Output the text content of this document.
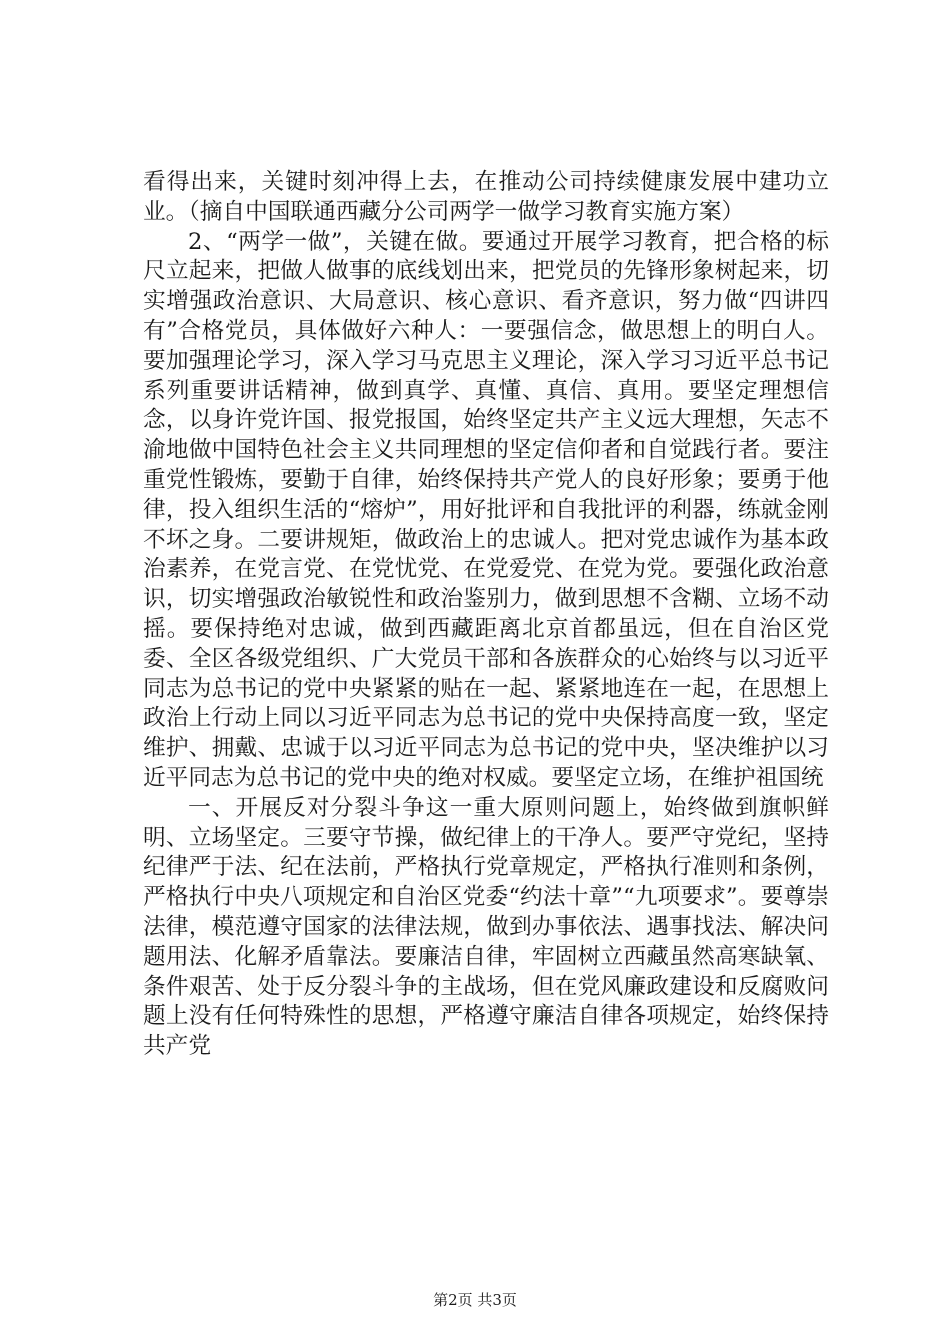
看得出来，关键时刻冲得上去，在推动公司持续健康发展中建功立业。（摘自中国联通西藏分公司两学一做学习教育实施方案）

2、“两学一做”，关键在做。要通过开展学习教育，把合格的标尺立起来，把做人做事的底线划出来，把党员的先锋形象树起来，切实增强政治意识、大局意识、核心意识、看齐意识，努力做“四讲四有”合格党员，具体做好六种人：一要强信念，做思想上的明白人。要加强理论学习，深入学习马克思主义理论，深入学习习近平总书记系列重要讲话精神，做到真学、真懂、真信、真用。要坚定理想信念，以身许党许国、报党报国，始终坚定共产主义远大理想，矢志不渝地做中国特色社会主义共同理想的坚定信仰者和自觉践行者。要注重党性锻炼，要勤于自律，始终保持共产党人的良好形象；要勇于他律，投入组织生活的“熔炉”，用好批评和自我批评的利器，练就金刚不坏之身。二要讲规矩，做政治上的忠诚人。把对党忠诚作为基本政治素养，在党言党、在党忧党、在党爱党、在党为党。要强化政治意识，切实增强政治敏锐性和政治鉴别力，做到思想不含糊、立场不动摇。要保持绝对忠诚，做到西藏距离北京首都虽远，但在自治区党委、全区各级党组织、广大党员干部和各族群众的心始终与以习近平同志为总书记的党中央紧紧的贴在一起、紧紧地连在一起，在思想上政治上行动上同以习近平同志为总书记的党中央保持高度一致，坚定维护、拥戴、忠诚于以习近平同志为总书记的党中央，坚决维护以习近平同志为总书记的党中央的绝对权威。要坚定立场，在维护祖国统

一、开展反对分裂斗争这一重大原则问题上，始终做到旗帜鲜明、立场坚定。三要守节操，做纪律上的干净人。要严守党纪，坚持纪律严于法、纪在法前，严格执行党章规定，严格执行准则和条例，严格执行中央八项规定和自治区党委“约法十章”“九项要求”。要尊崇法律，模范遵守国家的法律法规，做到办事依法、遇事找法、解决问题用法、化解矛盾靠法。要廉洁自律，牢固树立西藏虽然高寒缺氧、条件艰苦、处于反分裂斗争的主战场，但在党风廉政建设和反腐败问题上没有任何特殊性的思想，严格遵守廉洁自律各项规定，始终保持共产党

第2页 共3页
